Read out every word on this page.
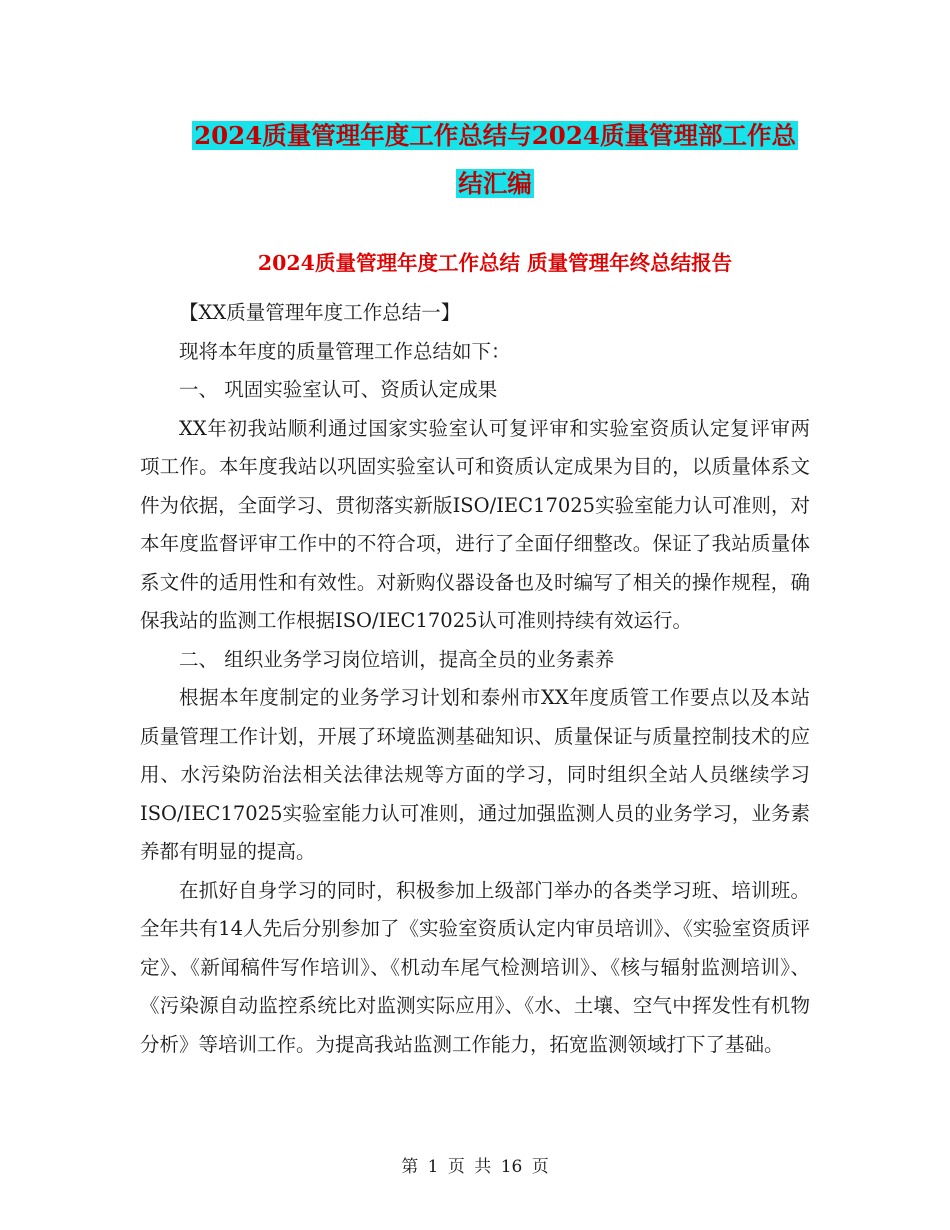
2024质量管理年度工作总结与2024质量管理部工作总
结汇编
2024质量管理年度工作总结 质量管理年终总结报告

【XX质量管理年度工作总结一】

现将本年度的质量管理工作总结如下：

一、 巩固实验室认可、资质认定成果

XX年初我站顺利通过国家实验室认可复评审和实验室资质认定复评审两项工作。本年度我站以巩固实验室认可和资质认定成果为目的，以质量体系文件为依据，全面学习、贯彻落实新版ISO/IEC17025实验室能力认可准则，对本年度监督评审工作中的不符合项，进行了全面仔细整改。保证了我站质量体系文件的适用性和有效性。对新购仪器设备也及时编写了相关的操作规程，确保我站的监测工作根据ISO/IEC17025认可准则持续有效运行。

二、 组织业务学习岗位培训，提高全员的业务素养

根据本年度制定的业务学习计划和泰州市XX年度质管工作要点以及本站质量管理工作计划，开展了环境监测基础知识、质量保证与质量控制技术的应用、水污染防治法相关法律法规等方面的学习，同时组织全站人员继续学习ISO/IEC17025实验室能力认可准则，通过加强监测人员的业务学习，业务素养都有明显的提高。

在抓好自身学习的同时，积极参加上级部门举办的各类学习班、培训班。全年共有14人先后分别参加了《实验室资质认定内审员培训》、《实验室资质评定》、《新闻稿件写作培训》、《机动车尾气检测培训》、《核与辐射监测培训》、《污染源自动监控系统比对监测实际应用》、《水、土壤、空气中挥发性有机物分析》等培训工作。为提高我站监测工作能力，拓宽监测领域打下了基础。

第 1 页 共 16 页
